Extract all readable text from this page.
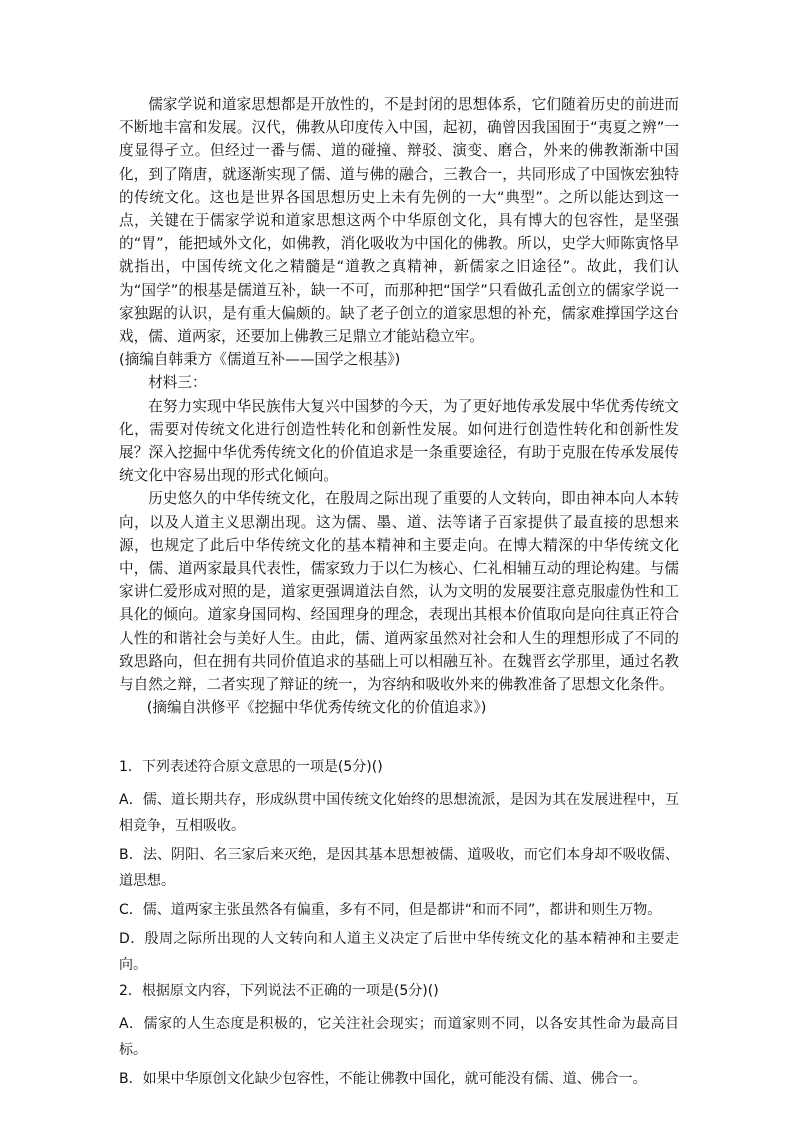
儒家学说和道家思想都是开放性的，不是封闭的思想体系，它们随着历史的前进而不断地丰富和发展。汉代，佛教从印度传入中国，起初，确曾因我国囿于“夷夏之辨”一度显得孑立。但经过一番与儒、道的碰撞、辩驳、演变、磨合，外来的佛教渐渐中国化，到了隋唐，就逐渐实现了儒、道与佛的融合，三教合一，共同形成了中国恢宏独特的传统文化。这也是世界各国思想历史上未有先例的一大“典型”。之所以能达到这一点，关键在于儒家学说和道家思想这两个中华原创文化，具有博大的包容性，是坚强的“胃”，能把域外文化，如佛教，消化吸收为中国化的佛教。所以，史学大师陈寅恪早就指出，中国传统文化之精髓是“道教之真精神，新儒家之旧途径”。故此，我们认为“国学”的根基是儒道互补，缺一不可，而那种把“国学”只看做孔孟创立的儒家学说一家独踞的认识，是有重大偏颇的。缺了老子创立的道家思想的补充，儒家难撑国学这台戏，儒、道两家，还要加上佛教三足鼎立才能站稳立牢。

(摘编自韩秉方《儒道互补——国学之根基》)

材料三：

在努力实现中华民族伟大复兴中国梦的今天，为了更好地传承发展中华优秀传统文化，需要对传统文化进行创造性转化和创新性发展。如何进行创造性转化和创新性发展？深入挖掘中华优秀传统文化的价值追求是一条重要途径，有助于克服在传承发展传统文化中容易出现的形式化倾向。

历史悠久的中华传统文化，在殷周之际出现了重要的人文转向，即由神本向人本转向，以及人道主义思潮出现。这为儒、墨、道、法等诸子百家提供了最直接的思想来源，也规定了此后中华传统文化的基本精神和主要走向。在博大精深的中华传统文化中，儒、道两家最具代表性，儒家致力于以仁为核心、仁礼相辅互动的理论构建。与儒家讲仁爱形成对照的是，道家更强调道法自然，认为文明的发展要注意克服虚伪性和工具化的倾向。道家身国同构、经国理身的理念，表现出其根本价值取向是向往真正符合人性的和谐社会与美好人生。由此，儒、道两家虽然对社会和人生的理想形成了不同的致思路向，但在拥有共同价值追求的基础上可以相融互补。在魏晋玄学那里，通过名教与自然之辩，二者实现了辩证的统一，为容纳和吸收外来的佛教准备了思想文化条件。

(摘编自洪修平《挖掘中华优秀传统文化的价值追求》)

1．下列表述符合原文意思的一项是(5分)()

A．儒、道长期共存，形成纵贯中国传统文化始终的思想流派，是因为其在发展进程中，互相竞争，互相吸收。

B．法、阴阳、名三家后来灭绝，是因其基本思想被儒、道吸收，而它们本身却不吸收儒、道思想。

C．儒、道两家主张虽然各有偏重，多有不同，但是都讲“和而不同”，都讲和则生万物。

D．殷周之际所出现的人文转向和人道主义决定了后世中华传统文化的基本精神和主要走向。

2．根据原文内容，下列说法不正确的一项是(5分)()

A．儒家的人生态度是积极的，它关注社会现实；而道家则不同，以各安其性命为最高目标。

B．如果中华原创文化缺少包容性，不能让佛教中国化，就可能没有儒、道、佛合一。
